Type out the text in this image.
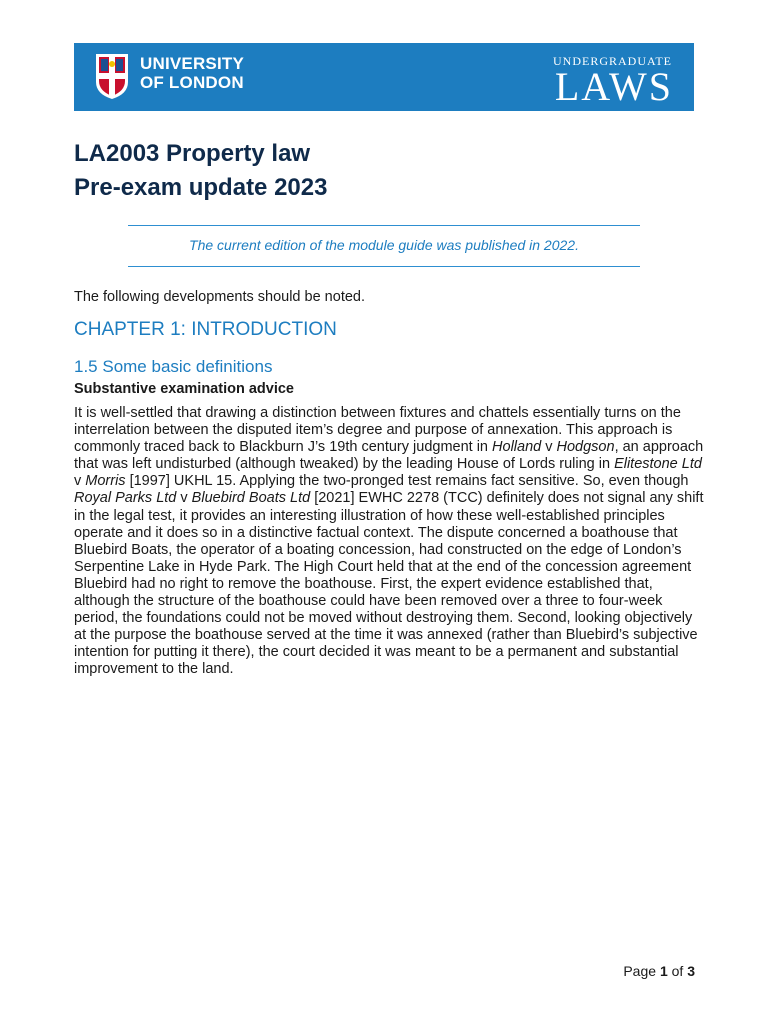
UNIVERSITY
OF LONDON
UNDERGRADUATE
LAWS
LA2003 Property law
Pre-exam update 2023
The current edition of the module guide was published in 2022.
The following developments should be noted.
CHAPTER 1: INTRODUCTION
1.5 Some basic definitions
Substantive examination advice

It is well-settled that drawing a distinction between fixtures and chattels essentially turns on the interrelation between the disputed item’s degree and purpose of annexation. This approach is commonly traced back to Blackburn J’s 19th century judgment in Holland v Hodgson, an approach that was left undisturbed (although tweaked) by the leading House of Lords ruling in Elitestone Ltd v Morris [1997] UKHL 15. Applying the two-pronged test remains fact sensitive. So, even though Royal Parks Ltd v Bluebird Boats Ltd [2021] EWHC 2278 (TCC) definitely does not signal any shift in the legal test, it provides an interesting illustration of how these well-established principles operate and it does so in a distinctive factual context. The dispute concerned a boathouse that Bluebird Boats, the operator of a boating concession, had constructed on the edge of London’s Serpentine Lake in Hyde Park. The High Court held that at the end of the concession agreement Bluebird had no right to remove the boathouse. First, the expert evidence established that, although the structure of the boathouse could have been removed over a three to four-week period, the foundations could not be moved without destroying them. Second, looking objectively at the purpose the boathouse served at the time it was annexed (rather than Bluebird’s subjective intention for putting it there), the court decided it was meant to be a permanent and substantial improvement to the land.

Page 1 of 3
